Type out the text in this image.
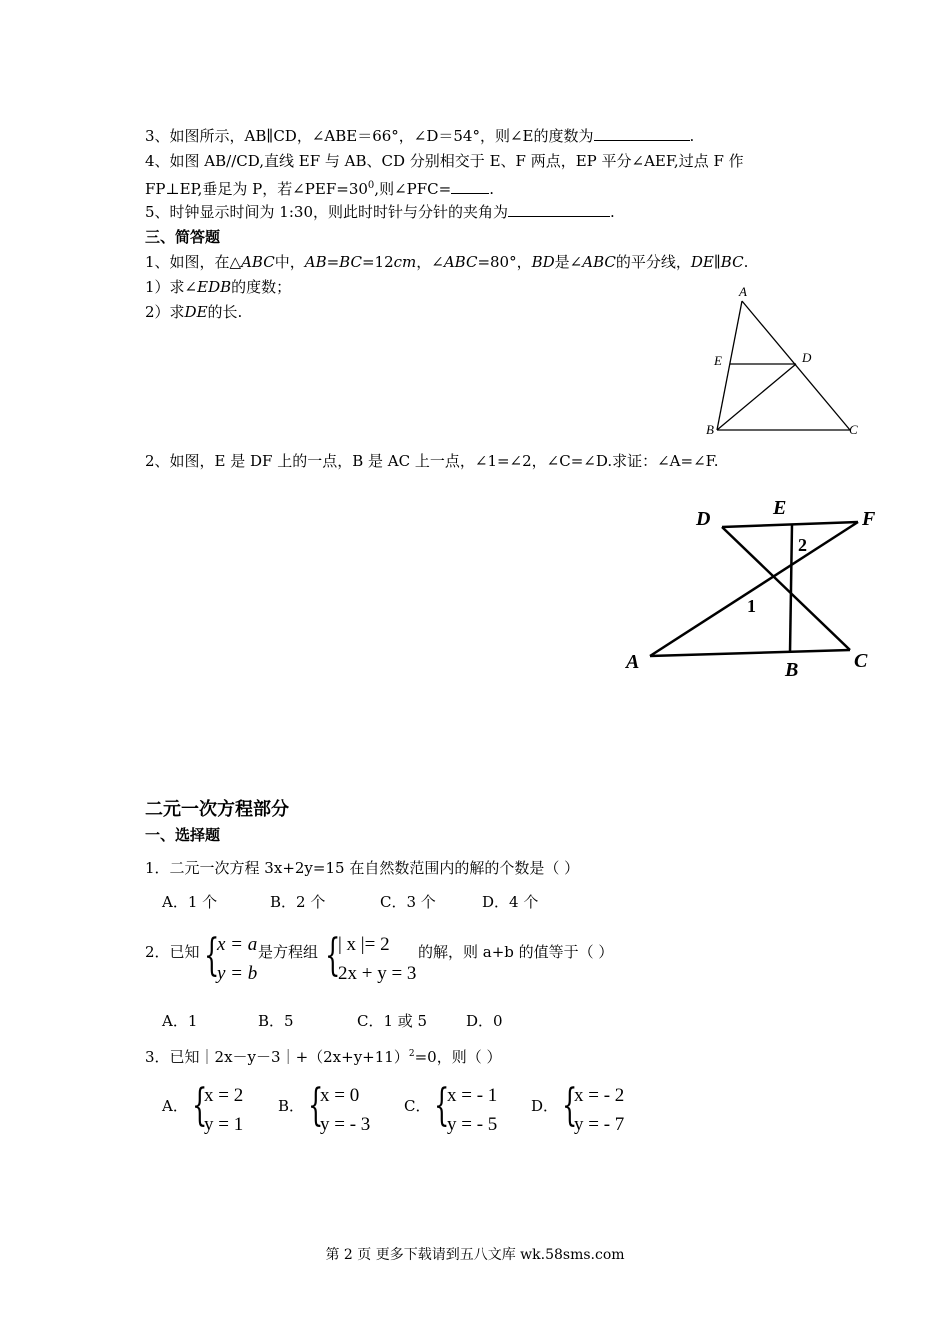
3、如图所示，AB∥CD，∠ABE＝66°，∠D＝54°，则∠E的度数为	.
4、如图 AB//CD,直线 EF 与 AB、CD 分别相交于 E、F 两点，EP 平分∠AEF,过点 F 作
FP⊥EP,垂足为 P，若$\angle PEF=30^0$,则∠PFC=	.
5、时钟显示时间为 1:30，则此时时针与分针的夹角为	.
三、简答题
1、如图，在△ABC中，AB=BC=12cm，∠ABC=80°，BD是∠ABC的平分线，DE∥BC.
1）求∠EDB的度数；
2）求DE的长.
A
E	D
B	C
2、如图，E 是 DF 上的一点，B 是 AC 上一点，∠1=∠2，∠C=∠D.求证：∠A=∠F.
D	E	F
2
1
A	B	C
二元一次方程部分
一、选择题
1．二元一次方程 3x+2y=15 在自然数范围内的解的个数是（ ）
A．1 个	B．2 个	C．3 个	D．4 个
2．已知 {
x = a
y = b
是方程组 {
| x |= 2
2x + y = 3
的解，则 a+b 的值等于（ ）
A．1	B．5	C．1 或 5	D．0
3．已知$|2x-y-3|+(2x+y+11)^2=0$，则（ ）
A． {
x = 2
y = 1
B． {
x = 0
y = - 3
C． {
x = - 1
y = - 5
D． {
x = - 2
y = - 7
第 2 页 更多下载请到五八文库 wk.58sms.com
